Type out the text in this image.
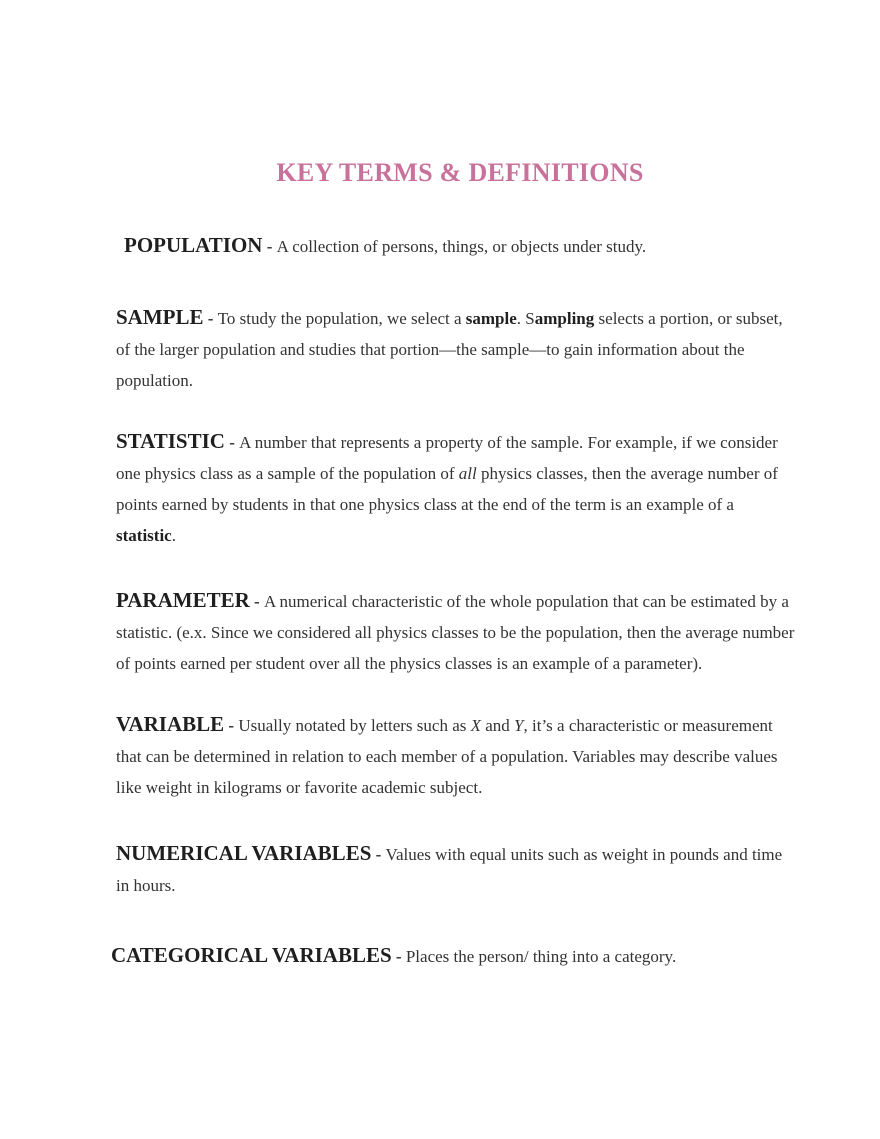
KEY TERMS & DEFINITIONS

POPULATION - A collection of persons, things, or objects under study.

SAMPLE - To study the population, we select a sample. Sampling selects a portion, or subset, of the larger population and studies that portion—the sample—to gain information about the population.

STATISTIC - A number that represents a property of the sample. For example, if we consider one physics class as a sample of the population of all physics classes, then the average number of points earned by students in that one physics class at the end of the term is an example of a statistic.

PARAMETER - A numerical characteristic of the whole population that can be estimated by a statistic. (e.x. Since we considered all physics classes to be the population, then the average number of points earned per student over all the physics classes is an example of a parameter).

VARIABLE - Usually notated by letters such as X and Y, it’s a characteristic or measurement that can be determined in relation to each member of a population. Variables may describe values like weight in kilograms or favorite academic subject.

NUMERICAL VARIABLES - Values with equal units such as weight in pounds and time in hours.

CATEGORICAL VARIABLES - Places the person/ thing into a category.
